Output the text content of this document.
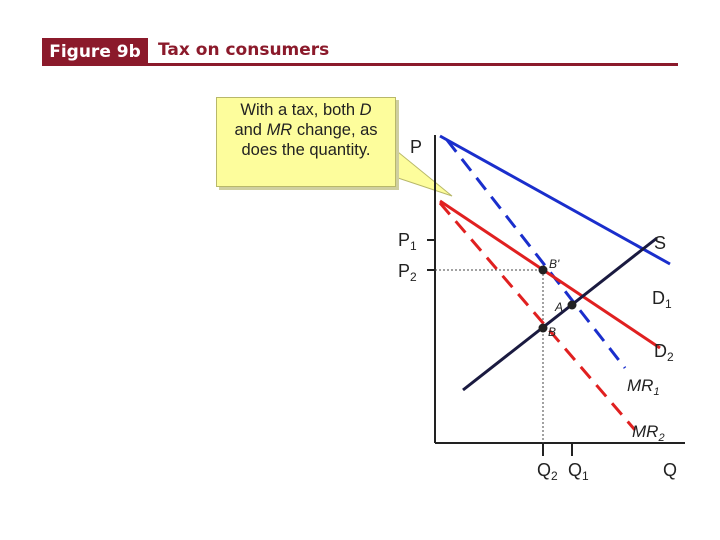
Figure 9b	Tax on consumers
P
Q
$P_1$
$P_2$
$Q_2$ $Q_1$
S
$D_1$
$D_2$
$MR_1$
$MR_2$
B'
A
B
With a tax, both D
and MR change, as
does the quantity.
